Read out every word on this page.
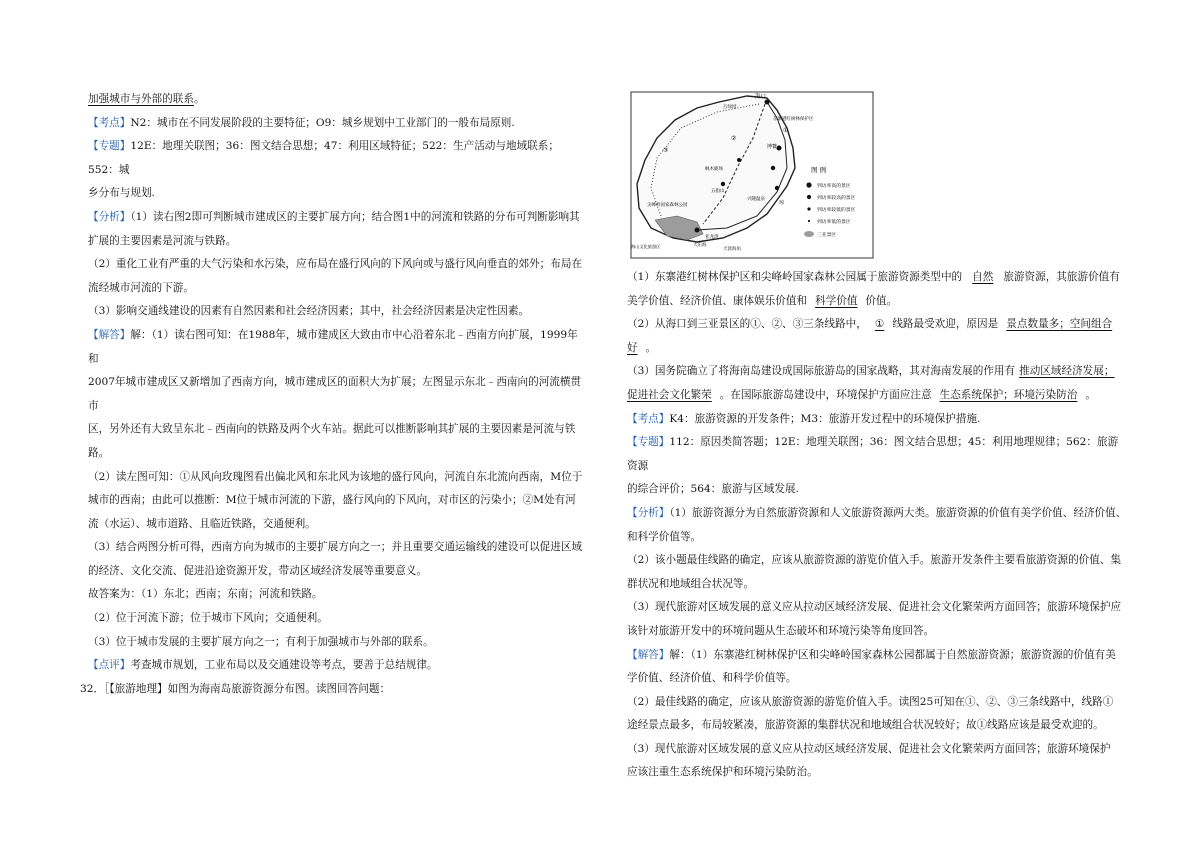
加强城市与外部的联系。

【考点】N2：城市在不同发展阶段的主要特征；O9：城乡规划中工业部门的一般布局原则.

【专题】12E：地理关联图；36：图文结合思想；47：利用区域特征；522：生产活动与地域联系；552：城

乡分布与规划.

【分析】（1）读右图2即可判断城市建成区的主要扩展方向；结合图1中的河流和铁路的分布可判断影响其

扩展的主要因素是河流与铁路。

（2）重化工业有严重的大气污染和水污染，应布局在盛行风向的下风向或与盛行风向垂直的郊外；布局在

流经城市河流的下游。

（3）影响交通线建设的因素有自然因素和社会经济因素；其中，社会经济因素是决定性因素。

【解答】解：（1）读右图可知：在1988年，城市建成区大致由市中心沿着东北﹣西南方向扩展，1999年和

2007年城市建成区又新增加了西南方向，城市建成区的面积大为扩展；左图显示东北﹣西南向的河流横贯市

区，另外还有大致呈东北﹣西南向的铁路及两个火车站。据此可以推断影响其扩展的主要因素是河流与铁

路。

（2）读左图可知：①从风向玫瑰图看出偏北风和东北风为该地的盛行风向，河流自东北流向西南，M位于

城市的西南；由此可以推断：M位于城市河流的下游，盛行风向的下风向，对市区的污染小；②M处有河

流（水运）、城市道路、且临近铁路，交通便利。

（3）结合两图分析可得，西南方向为城市的主要扩展方向之一；并且重要交通运输线的建设可以促进区域

的经济、文化交流、促进沿途资源开发，带动区域经济发展等重要意义。

故答案为：（1）东北；西南；东南；河流和铁路。

（2）位于河流下游；位于城市下风向；交通便利。

（3）位于城市发展的主要扩展方向之一；有利于加强城市与外部的联系。

【点评】考查城市规划，工业布局以及交通建设等考点，要善于总结规律。

32．［【旅游地理】如图为海南岛旅游资源分布图。读图回答问题：

海口
东寨港红树林保护区
万绿园
五指山
枫木鹿场
兴隆温泉
尖峰岭国家森林公园
海山文化旅游区	大东海
亚龙湾
天涯海角
博鳌
琼
③
②
①
图 例
到访率高的景区
到访率较高的景区
到访率较低的景区
到访率低的景区
三亚景区

（1）东寨港红树林保护区和尖峰岭国家森林公园属于旅游资源类型中的 自然 旅游资源，其旅游价值有

美学价值、经济价值、康体娱乐价值和 科学价值 价值。

（2）从海口到三亚景区的①、②、③三条线路中， ① 线路最受欢迎，原因是 景点数量多；空间组合

好 。

（3）国务院确立了将海南岛建设成国际旅游岛的国家战略，其对海南发展的作用有 推动区域经济发展；

促进社会文化繁荣 。在国际旅游岛建设中，环境保护方面应注意 生态系统保护；环境污染防治 。

【考点】K4：旅游资源的开发条件；M3：旅游开发过程中的环境保护措施.

【专题】112：原因类简答题；12E：地理关联图；36：图文结合思想；45：利用地理规律；562：旅游资源

的综合评价；564：旅游与区域发展.

【分析】（1）旅游资源分为自然旅游资源和人文旅游资源两大类。旅游资源的价值有美学价值、经济价值、

和科学价值等。

（2）该小题最佳线路的确定，应该从旅游资源的游览价值入手。旅游开发条件主要看旅游资源的价值、集

群状况和地域组合状况等。

（3）现代旅游对区域发展的意义应从拉动区域经济发展、促进社会文化繁荣两方面回答；旅游环境保护应

该针对旅游开发中的环境问题从生态破坏和环境污染等角度回答。

【解答】解：（1）东寨港红树林保护区和尖峰岭国家森林公园都属于自然旅游资源；旅游资源的价值有美

学价值、经济价值、和科学价值等。

（2）最佳线路的确定，应该从旅游资源的游览价值入手。读图25可知在①、②、③三条线路中，线路①

途经景点最多，布局较紧凑，旅游资源的集群状况和地域组合状况较好；故①线路应该是最受欢迎的。

（3）现代旅游对区域发展的意义应从拉动区域经济发展、促进社会文化繁荣两方面回答；旅游环境保护

应该注重生态系统保护和环境污染防治。
